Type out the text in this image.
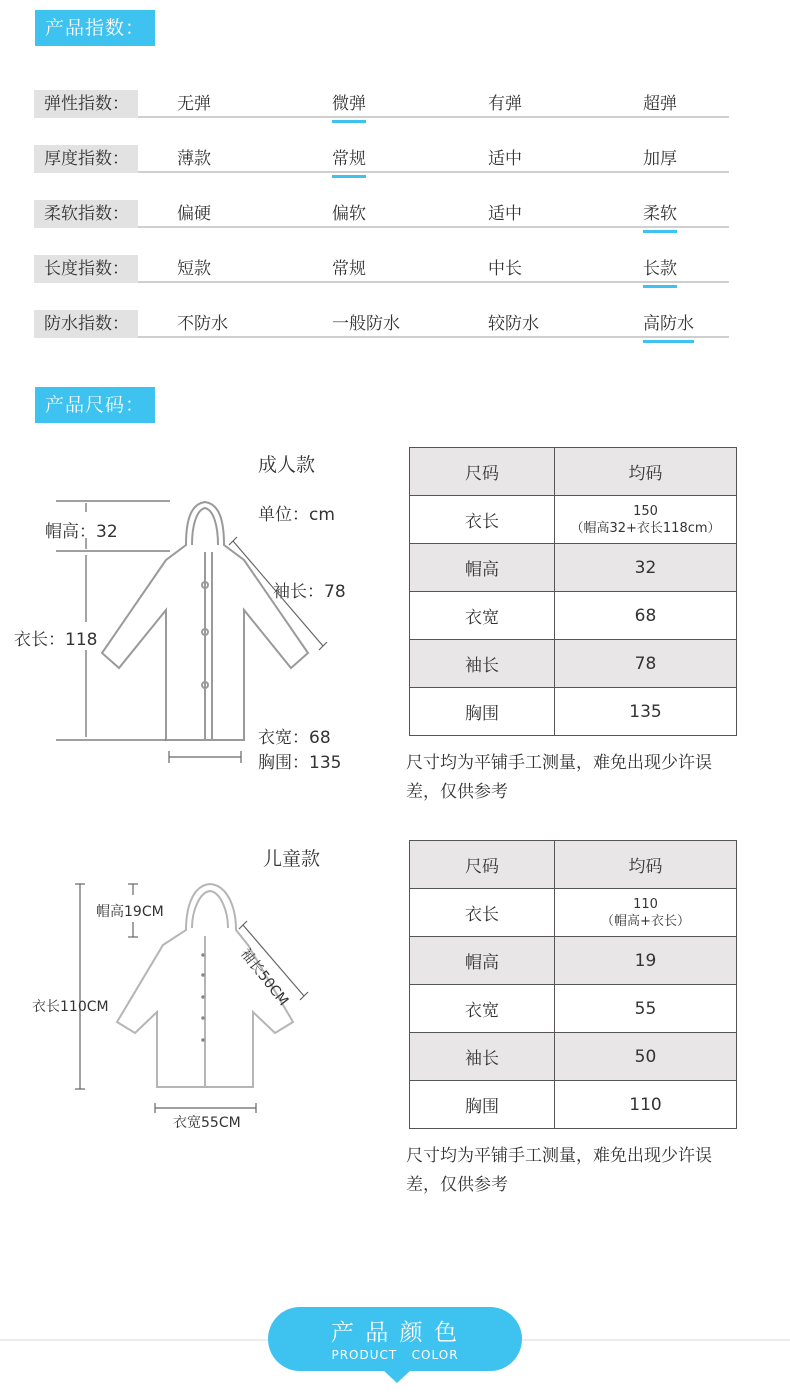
产品指数：
弹性指数：	无弹	微弹	有弹	超弹
厚度指数：	薄款	常规	适中	加厚
柔软指数：	偏硬	偏软	适中	柔软
长度指数：	短款	常规	中长	长款
防水指数：	不防水	一般防水	较防水	高防水
产品尺码：
成人款
单位：cm
帽高：32
衣长：118
袖长：78
衣宽：68
胸围：135
儿童款
帽高19CM
衣长110CM	袖长50CM
衣宽55CM
尺码	均码
衣长	150
（帽高32+衣长118cm）

帽高	32
衣宽	68
袖长	78
胸围	135
尺寸均为平铺手工测量，难免出现少许误差，仅供参考
尺码	均码
衣长	110
（帽高+衣长）

帽高	19
衣宽	55
袖长	50
胸围	110
尺寸均为平铺手工测量，难免出现少许误差，仅供参考
产 品 颜 色
PRODUCT   COLOR
